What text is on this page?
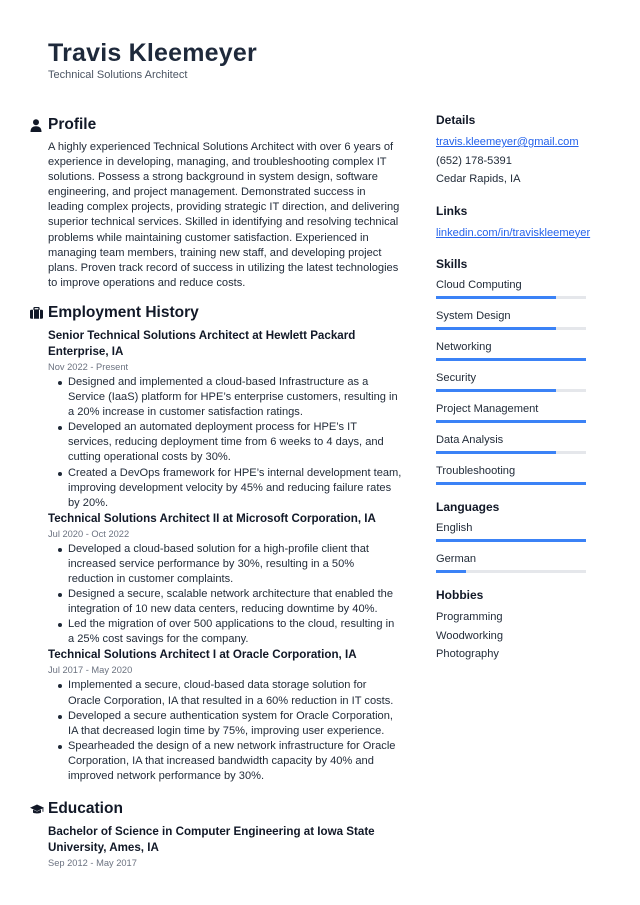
Travis Kleemeyer
Technical Solutions Architect
Profile

A highly experienced Technical Solutions Architect with over 6 years of experience in developing, managing, and troubleshooting complex IT solutions. Possess a strong background in system design, software engineering, and project management. Demonstrated success in leading complex projects, providing strategic IT direction, and delivering superior technical services. Skilled in identifying and resolving technical problems while maintaining customer satisfaction. Experienced in managing team members, training new staff, and developing project plans. Proven track record of success in utilizing the latest technologies to improve operations and reduce costs.

Employment History
Senior Technical Solutions Architect at Hewlett Packard Enterprise, IA
Nov 2022 - Present
Designed and implemented a cloud-based Infrastructure as a Service (IaaS) platform for HPE’s enterprise customers, resulting in a 20% increase in customer satisfaction ratings.
Developed an automated deployment process for HPE’s IT services, reducing deployment time from 6 weeks to 4 days, and cutting operational costs by 30%.
Created a DevOps framework for HPE’s internal development team, improving development velocity by 45% and reducing failure rates by 20%.
Technical Solutions Architect II at Microsoft Corporation, IA
Jul 2020 - Oct 2022
Developed a cloud-based solution for a high-profile client that increased service performance by 30%, resulting in a 50% reduction in customer complaints.
Designed a secure, scalable network architecture that enabled the integration of 10 new data centers, reducing downtime by 40%.
Led the migration of over 500 applications to the cloud, resulting in a 25% cost savings for the company.
Technical Solutions Architect I at Oracle Corporation, IA
Jul 2017 - May 2020
Implemented a secure, cloud-based data storage solution for Oracle Corporation, IA that resulted in a 60% reduction in IT costs.
Developed a secure authentication system for Oracle Corporation, IA that decreased login time by 75%, improving user experience.
Spearheaded the design of a new network infrastructure for Oracle Corporation, IA that increased bandwidth capacity by 40% and improved network performance by 30%.
Education
Bachelor of Science in Computer Engineering at Iowa State University, Ames, IA
Sep 2012 - May 2017
Details
travis.kleemeyer@gmail.com
(652) 178-5391
Cedar Rapids, IA
Links
linkedin.com/in/traviskleemeyer
Skills
Cloud Computing
System Design
Networking
Security
Project Management
Data Analysis
Troubleshooting
Languages
English
German
Hobbies
Programming
Woodworking
Photography
